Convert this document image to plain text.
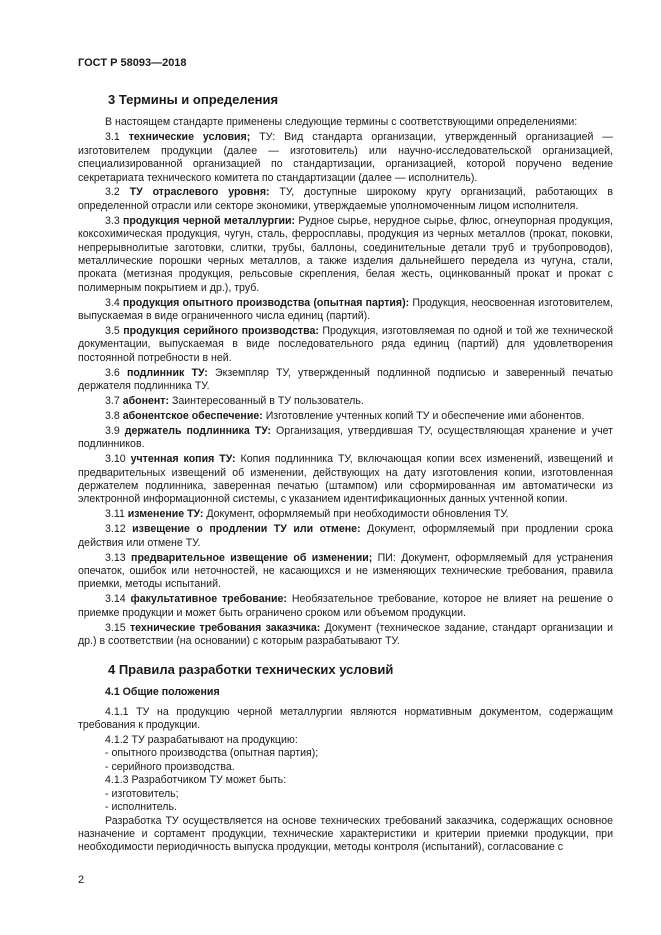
ГОСТ Р 58093—2018
3 Термины и определения

В настоящем стандарте применены следующие термины с соответствующими определениями:

3.1 технические условия; ТУ: Вид стандарта организации, утвержденный организацией — изготовителем продукции (далее — изготовитель) или научно-исследовательской организацией, специализированной организацией по стандартизации, организацией, которой поручено ведение секретариата технического комитета по стандартизации (далее — исполнитель).

3.2 ТУ отраслевого уровня: ТУ, доступные широкому кругу организаций, работающих в определенной отрасли или секторе экономики, утверждаемые уполномоченным лицом исполнителя.

3.3 продукция черной металлургии: Рудное сырье, нерудное сырье, флюс, огнеупорная продукция, коксохимическая продукция, чугун, сталь, ферросплавы, продукция из черных металлов (прокат, поковки, непрерывнолитые заготовки, слитки, трубы, баллоны, соединительные детали труб и трубопроводов), металлические порошки черных металлов, а также изделия дальнейшего передела из чугуна, стали, проката (метизная продукция, рельсовые скрепления, белая жесть, оцинкованный прокат и прокат с полимерным покрытием и др.), труб.

3.4 продукция опытного производства (опытная партия): Продукция, неосвоенная изготовителем, выпускаемая в виде ограниченного числа единиц (партий).

3.5 продукция серийного производства: Продукция, изготовляемая по одной и той же технической документации, выпускаемая в виде последовательного ряда единиц (партий) для удовлетворения постоянной потребности в ней.

3.6 подлинник ТУ: Экземпляр ТУ, утвержденный подлинной подписью и заверенный печатью держателя подлинника ТУ.

3.7 абонент: Заинтересованный в ТУ пользователь.

3.8 абонентское обеспечение: Изготовление учтенных копий ТУ и обеспечение ими абонентов.

3.9 держатель подлинника ТУ: Организация, утвердившая ТУ, осуществляющая хранение и учет подлинников.

3.10 учтенная копия ТУ: Копия подлинника ТУ, включающая копии всех изменений, извещений и предварительных извещений об изменении, действующих на дату изготовления копии, изготовленная держателем подлинника, заверенная печатью (штампом) или сформированная им автоматически из электронной информационной системы, с указанием идентификационных данных учтенной копии.

3.11 изменение ТУ: Документ, оформляемый при необходимости обновления ТУ.

3.12 извещение о продлении ТУ или отмене: Документ, оформляемый при продлении срока действия или отмене ТУ.

3.13 предварительное извещение об изменении; ПИ: Документ, оформляемый для устранения опечаток, ошибок или неточностей, не касающихся и не изменяющих технические требования, правила приемки, методы испытаний.

3.14 факультативное требование: Необязательное требование, которое не влияет на решение о приемке продукции и может быть ограничено сроком или объемом продукции.

3.15 технические требования заказчика: Документ (техническое задание, стандарт организации и др.) в соответствии (на основании) с которым разрабатывают ТУ.

4 Правила разработки технических условий
4.1 Общие положения

4.1.1 ТУ на продукцию черной металлургии являются нормативным документом, содержащим требования к продукции.

4.1.2 ТУ разрабатывают на продукцию:

- опытного производства (опытная партия);

- серийного производства.

4.1.3 Разработчиком ТУ может быть:

- изготовитель;

- исполнитель.

Разработка ТУ осуществляется на основе технических требований заказчика, содержащих основное назначение и сортамент продукции, технические характеристики и критерии приемки продукции, при необходимости периодичность выпуска продукции, методы контроля (испытаний), согласование с

2
